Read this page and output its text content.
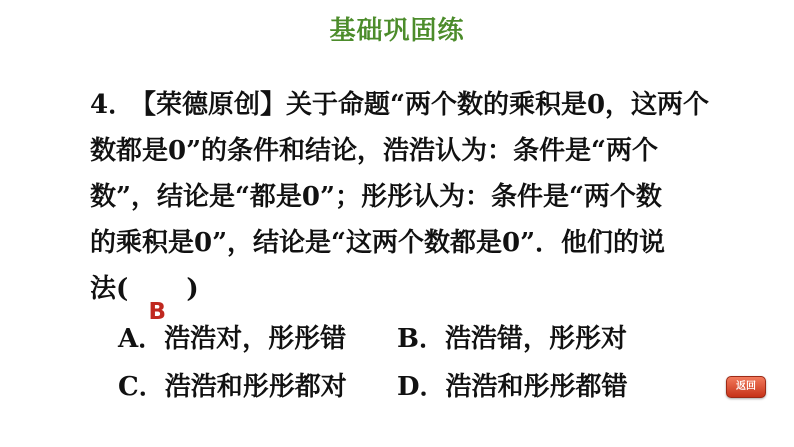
基础巩固练
4．【荣德原创】关于命题“两个数的乘积是0，这两个
数都是0”的条件和结论，浩浩认为：条件是“两个
数”，结论是“都是0”；彤彤认为：条件是“两个数
的乘积是0”，结论是“这两个数都是0”．他们的说
法(
B
)
A．浩浩对，彤彤错 B．浩浩错，彤彤对
C．浩浩和彤彤都对 D．浩浩和彤彤都错	返回
